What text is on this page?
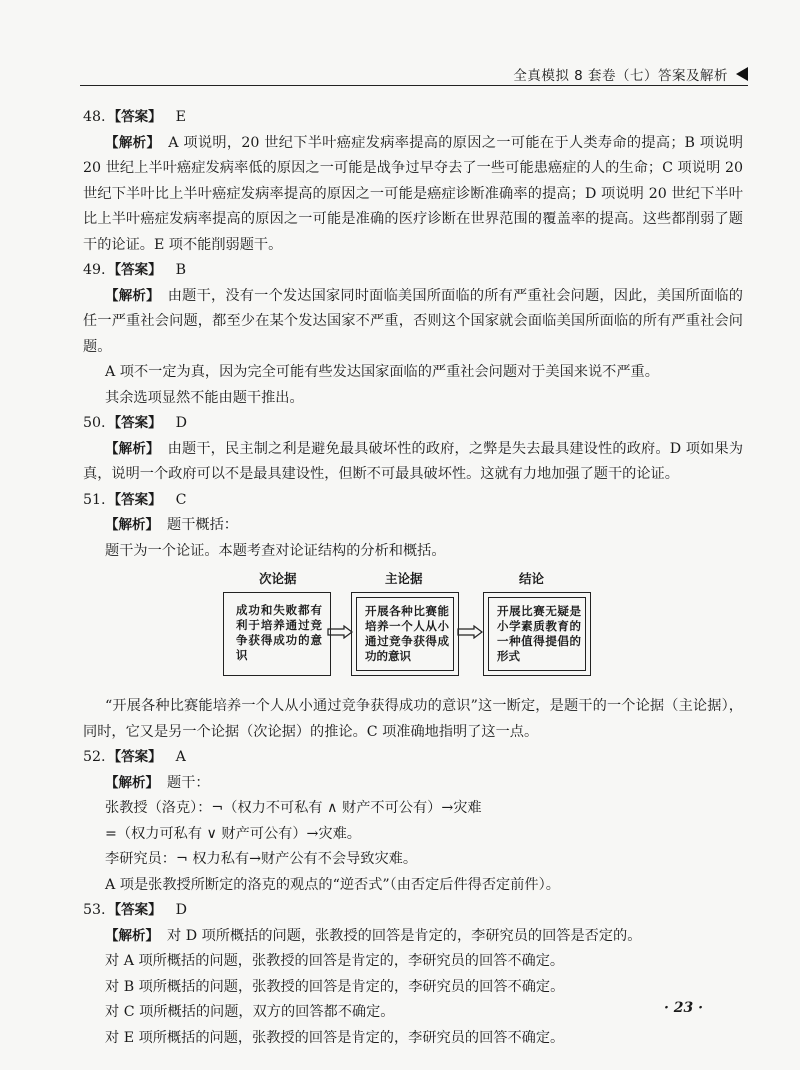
全真模拟 8 套卷（七）答案及解析
48. 【答案】 E
【解析】 A 项说明，20 世纪下半叶癌症发病率提高的原因之一可能在于人类寿命的提高；B 项说明 20 世纪上半叶癌症发病率低的原因之一可能是战争过早夺去了一些可能患癌症的人的生命；C 项说明 20 世纪下半叶比上半叶癌症发病率提高的原因之一可能是癌症诊断准确率的提高；D 项说明 20 世纪下半叶比上半叶癌症发病率提高的原因之一可能是准确的医疗诊断在世界范围的覆盖率的提高。这些都削弱了题干的论证。E 项不能削弱题干。
49. 【答案】 B
【解析】 由题干，没有一个发达国家同时面临美国所面临的所有严重社会问题，因此，美国所面临的任一严重社会问题，都至少在某个发达国家不严重，否则这个国家就会面临美国所面临的所有严重社会问题。
A 项不一定为真，因为完全可能有些发达国家面临的严重社会问题对于美国来说不严重。
其余选项显然不能由题干推出。
50. 【答案】 D
【解析】 由题干，民主制之利是避免最具破坏性的政府，之弊是失去最具建设性的政府。D 项如果为真，说明一个政府可以不是最具建设性，但断不可最具破坏性。这就有力地加强了题干的论证。
51. 【答案】 C
【解析】 题干概括：
题干为一个论证。本题考查对论证结构的分析和概括。
次论据	主论据	结论
成功和失败都有利于培养通过竞争获得成功的意识
开展各种比赛能培养一个人从小通过竞争获得成功的意识
开展比赛无疑是小学素质教育的一种值得提倡的形式
“开展各种比赛能培养一个人从小通过竞争获得成功的意识”这一断定，是题干的一个论据（主论据），同时，它又是另一个论据（次论据）的推论。C 项准确地指明了这一点。
52. 【答案】 A
【解析】 题干：
张教授（洛克）：¬（权力不可私有 ∧ 财产不可公有）→灾难
=（权力可私有 ∨ 财产可公有）→灾难。
李研究员：¬ 权力私有→财产公有不会导致灾难。
A 项是张教授所断定的洛克的观点的“逆否式”（由否定后件得否定前件）。
53. 【答案】 D
【解析】 对 D 项所概括的问题，张教授的回答是肯定的，李研究员的回答是否定的。
对 A 项所概括的问题，张教授的回答是肯定的，李研究员的回答不确定。
对 B 项所概括的问题，张教授的回答是肯定的，李研究员的回答不确定。
对 C 项所概括的问题，双方的回答都不确定。
对 E 项所概括的问题，张教授的回答是肯定的，李研究员的回答不确定。
· 23 ·
